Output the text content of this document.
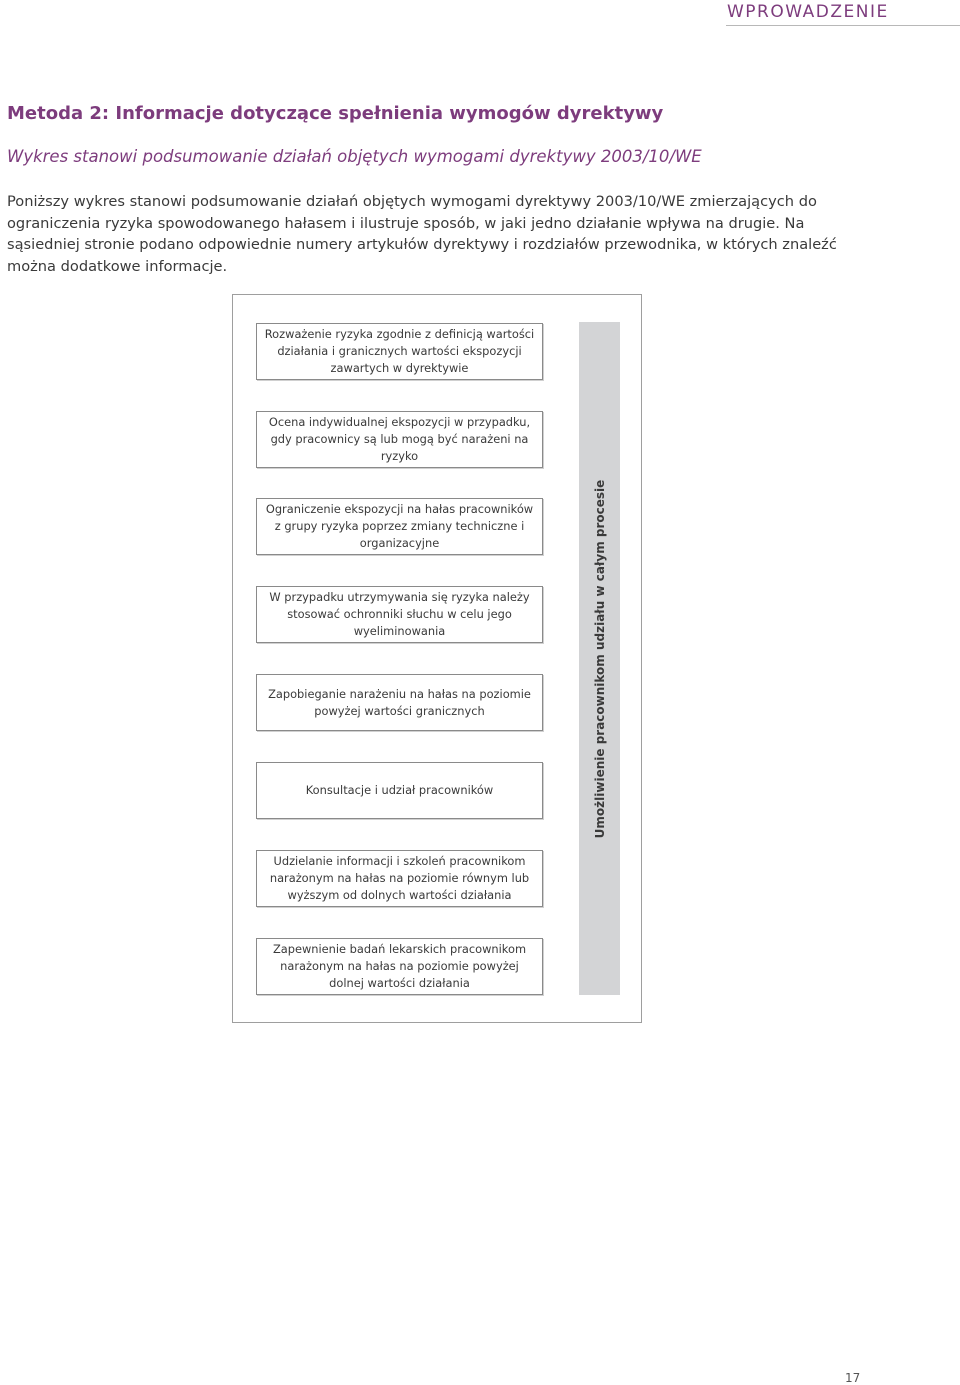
WPROWADZENIE
Metoda 2: Informacje dotyczące spełnienia wymogów dyrektywy
Wykres stanowi podsumowanie działań objętych wymogami dyrektywy 2003/10/WE

Poniższy wykres stanowi podsumowanie działań objętych wymogami dyrektywy 2003/10/WE zmierzających do ograniczenia ryzyka spowodowanego hałasem i ilustruje sposób, w jaki jedno działanie wpływa na drugie. Na sąsiedniej stronie podano odpowiednie numery artykułów dyrektywy i rozdziałów przewodnika, w których znaleźć można dodatkowe informacje.

Rozważenie ryzyka zgodnie z definicją wartości działania i granicznych wartości ekspozycji zawartych w dyrektywie
Ocena indywidualnej ekspozycji w przypadku, gdy pracownicy są lub mogą być narażeni na ryzyko
Ograniczenie ekspozycji na hałas pracowników z grupy ryzyka poprzez zmiany techniczne i organizacyjne
W przypadku utrzymywania się ryzyka należy stosować ochronniki słuchu w celu jego wyeliminowania
Zapobieganie narażeniu na hałas na poziomie powyżej wartości granicznych
Konsultacje i udział pracowników
Udzielanie informacji i szkoleń pracownikom narażonym na hałas na poziomie równym lub wyższym od dolnych wartości działania
Zapewnienie badań lekarskich pracownikom narażonym na hałas na poziomie powyżej dolnej wartości działania
Umożliwienie pracownikom udziału w całym procesie
17
